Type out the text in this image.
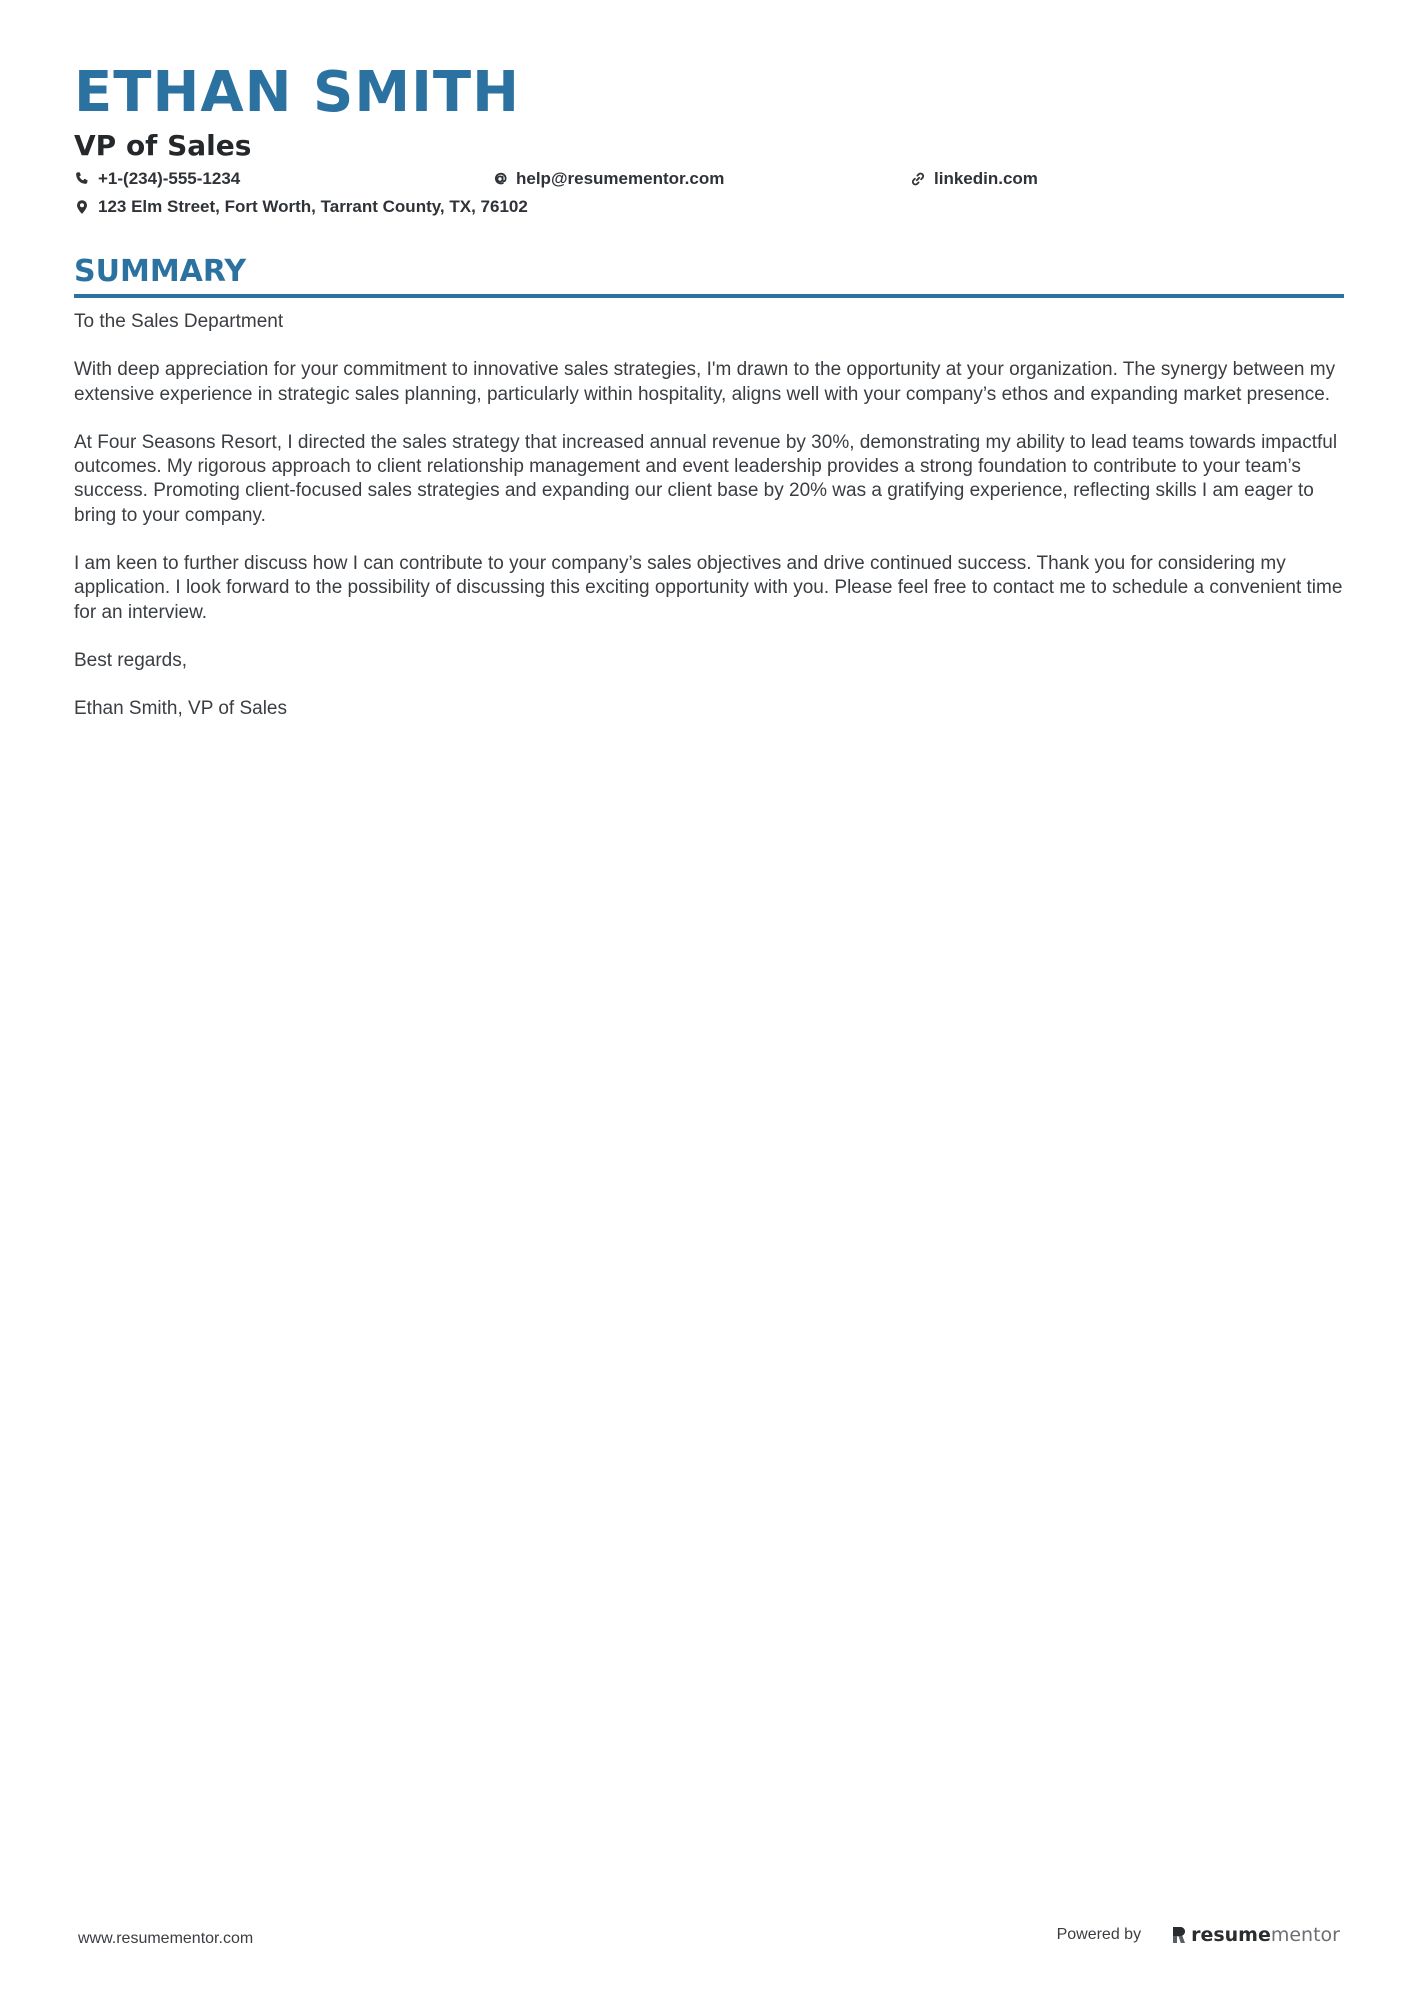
ETHAN SMITH
VP of Sales
+1-(234)-555-1234	help@resumementor.com	linkedin.com
123 Elm Street, Fort Worth, Tarrant County, TX, 76102
SUMMARY

To the Sales Department

With deep appreciation for your commitment to innovative sales strategies, I'm drawn to the opportunity at your organization. The synergy between my extensive experience in strategic sales planning, particularly within hospitality, aligns well with your company’s ethos and expanding market presence.

At Four Seasons Resort, I directed the sales strategy that increased annual revenue by 30%, demonstrating my ability to lead teams towards impactful outcomes. My rigorous approach to client relationship management and event leadership provides a strong foundation to contribute to your team’s success. Promoting client-focused sales strategies and expanding our client base by 20% was a gratifying experience, reflecting skills I am eager to bring to your company.

I am keen to further discuss how I can contribute to your company’s sales objectives and drive continued success. Thank you for considering my application. I look forward to the possibility of discussing this exciting opportunity with you. Please feel free to contact me to schedule a convenient time for an interview.

Best regards,

Ethan Smith, VP of Sales

www.resumementor.com	Powered by	resume mentor
